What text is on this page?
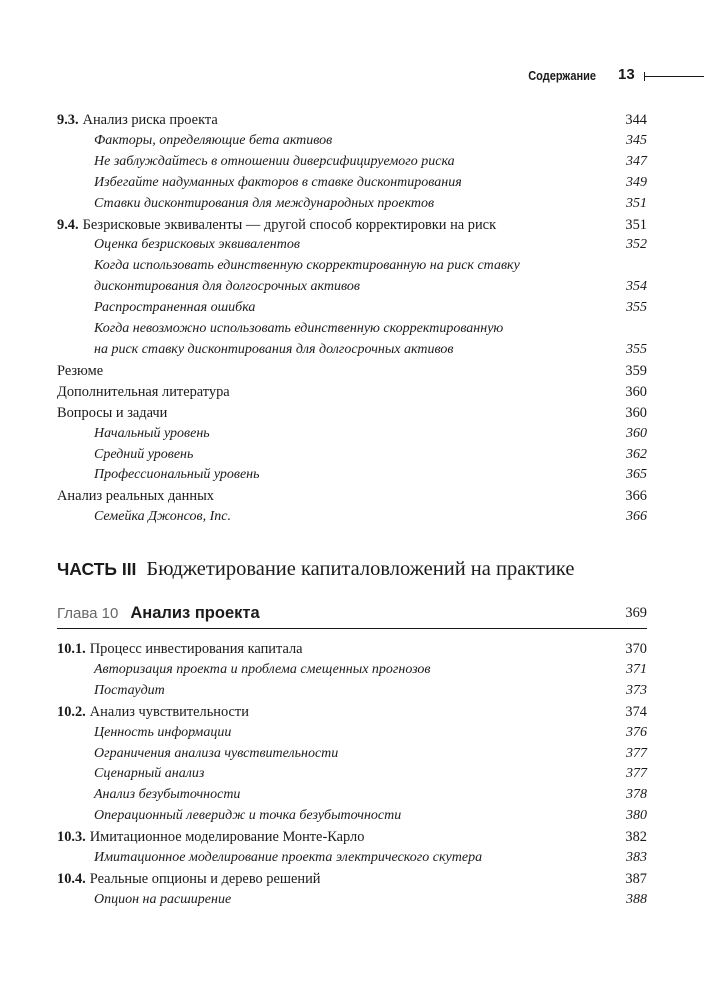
Содержание 13
9.3. Анализ риска проекта	344
Факторы, определяющие бета активов	345
Не заблуждайтесь в отношении диверсифицируемого риска	347
Избегайте надуманных факторов в ставке дисконтирования	349
Ставки дисконтирования для международных проектов	351
9.4. Безрисковые эквиваленты — другой способ корректировки на риск	351
Оценка безрисковых эквивалентов	352
Когда использовать единственную скорректированную на риск ставку
дисконтирования для долгосрочных активов	354
Распространенная ошибка	355
Когда невозможно использовать единственную скорректированную
на риск ставку дисконтирования для долгосрочных активов	355
Резюме	359
Дополнительная литература	360
Вопросы и задачи	360
Начальный уровень	360
Средний уровень	362
Профессиональный уровень	365
Анализ реальных данных	366
Семейка Джонсов, Inc.	366
ЧАСТЬ III Бюджетирование капиталовложений на практике
Глава 10 Анализ проекта	369
10.1. Процесс инвестирования капитала	370
Авторизация проекта и проблема смещенных прогнозов	371
Постаудит	373
10.2. Анализ чувствительности	374
Ценность информации	376
Ограничения анализа чувствительности	377
Сценарный анализ	377
Анализ безубыточности	378
Операционный леверидж и точка безубыточности	380
10.3. Имитационное моделирование Монте-Карло	382
Имитационное моделирование проекта электрического скутера	383
10.4. Реальные опционы и дерево решений	387
Опцион на расширение	388
